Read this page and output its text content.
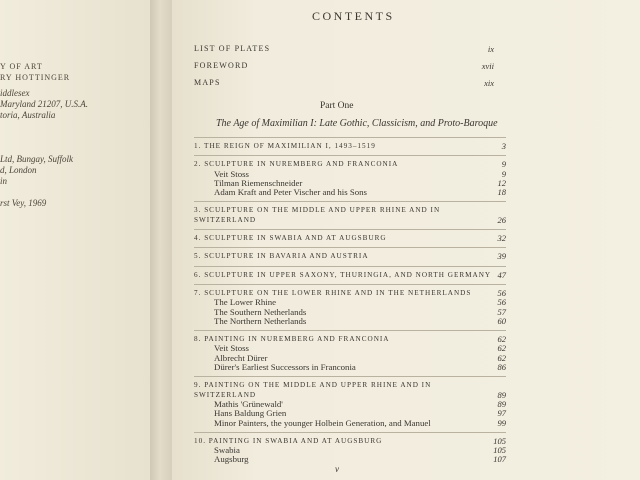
Y OF ART
RY HOTTINGER
iddlesex
Maryland 21207, U.S.A.
toria, Australia
Ltd, Bungay, Suffolk
d, London
in
rst Vey, 1969
CONTENTS
LIST OF PLATES	ix
FOREWORD	xvii
MAPS	xix
Part One
The Age of Maximilian I: Late Gothic, Classicism, and Proto-Baroque
1. THE REIGN OF MAXIMILIAN I, 1493–1519	3
2. SCULPTURE IN NUREMBERG AND FRANCONIA	9
Veit Stoss	9
Tilman Riemenschneider	12
Adam Kraft and Peter Vischer and his Sons	18
3. SCULPTURE ON THE MIDDLE AND UPPER RHINE AND IN
SWITZERLAND	26
4. SCULPTURE IN SWABIA AND AT AUGSBURG	32
5. SCULPTURE IN BAVARIA AND AUSTRIA	39
6. SCULPTURE IN UPPER SAXONY, THURINGIA, AND NORTH GERMANY 47
7. SCULPTURE ON THE LOWER RHINE AND IN THE NETHERLANDS	56
The Lower Rhine	56
The Southern Netherlands	57
The Northern Netherlands	60
8. PAINTING IN NUREMBERG AND FRANCONIA	62
Veit Stoss	62
Albrecht Dürer	62
Dürer's Earliest Successors in Franconia	86
9. PAINTING ON THE MIDDLE AND UPPER RHINE AND IN
SWITZERLAND	89
Mathis 'Grünewald'	89
Hans Baldung Grien	97
Minor Painters, the younger Holbein Generation, and Manuel	99
10. PAINTING IN SWABIA AND AT AUGSBURG	105
Swabia	105
Augsburg	107
v
